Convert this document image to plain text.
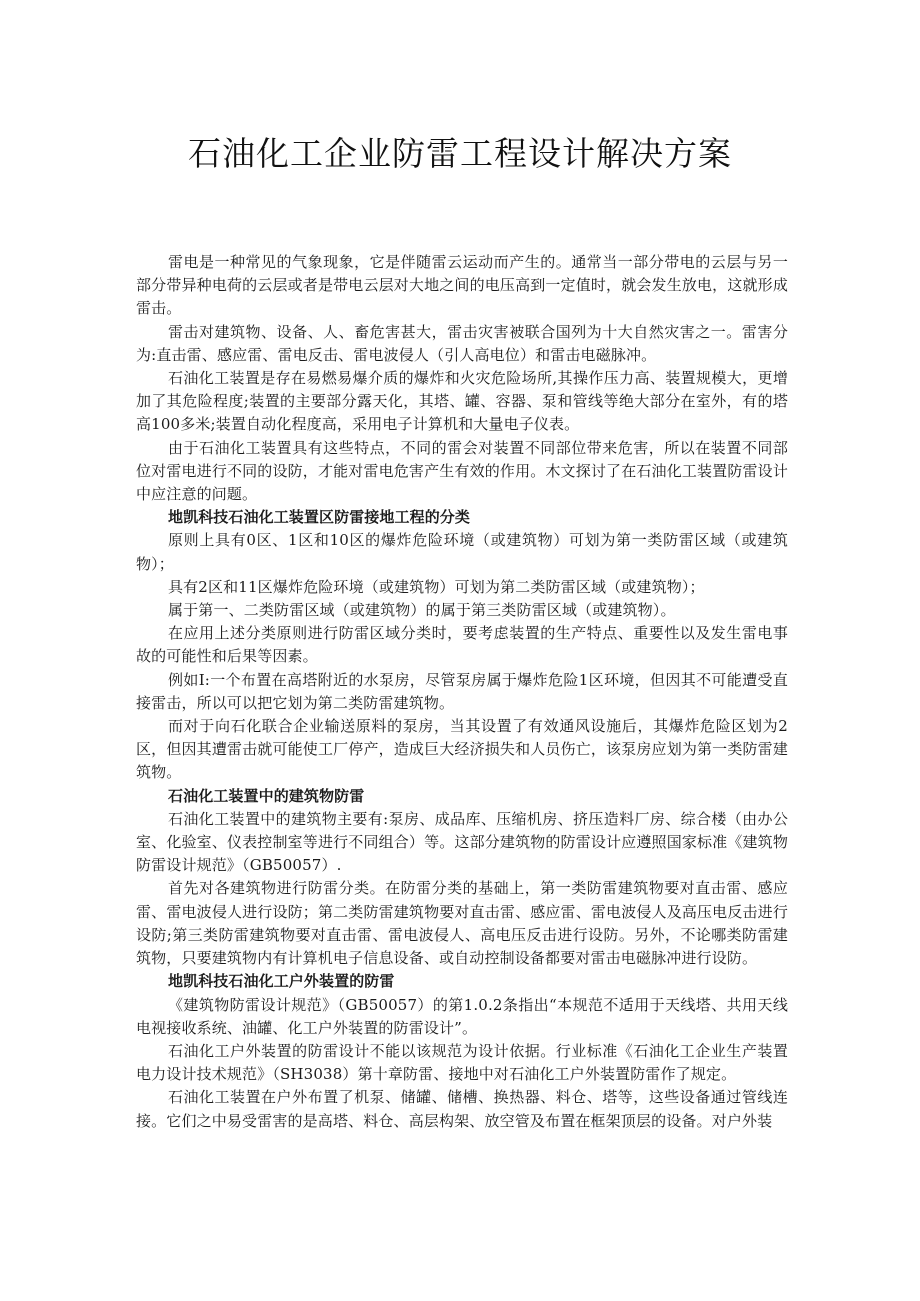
石油化工企业防雷工程设计解决方案

雷电是一种常见的气象现象，它是伴随雷云运动而产生的。通常当一部分带电的云层与另一部分带异种电荷的云层或者是带电云层对大地之间的电压高到一定值时，就会发生放电，这就形成雷击。

雷击对建筑物、设备、人、畜危害甚大，雷击灾害被联合国列为十大自然灾害之一。雷害分为:直击雷、感应雷、雷电反击、雷电波侵人（引人高电位）和雷击电磁脉冲。

石油化工装置是存在易燃易爆介质的爆炸和火灾危险场所,其操作压力高、装置规模大，更增加了其危险程度;装置的主要部分露天化，其塔、罐、容器、泵和管线等绝大部分在室外，有的塔高100多米;装置自动化程度高，采用电子计算机和大量电子仪表。

由于石油化工装置具有这些特点，不同的雷会对装置不同部位带来危害，所以在装置不同部位对雷电进行不同的设防，才能对雷电危害产生有效的作用。木文探讨了在石油化工装置防雷设计中应注意的问题。

地凯科技石油化工装置区防雷接地工程的分类

原则上具有0区、1区和10区的爆炸危险环境（或建筑物）可划为第一类防雷区域（或建筑物）；

具有2区和11区爆炸危险环境（或建筑物）可划为第二类防雷区域（或建筑物）；

属于第一、二类防雷区域（或建筑物）的属于第三类防雷区域（或建筑物）。

在应用上述分类原则进行防雷区域分类时，要考虑装置的生产特点、重要性以及发生雷电事故的可能性和后果等因素。

例如I:一个布置在高塔附近的水泵房，尽管泵房属于爆炸危险1区环境，但因其不可能遭受直接雷击，所以可以把它划为第二类防雷建筑物。

而对于向石化联合企业输送原料的泵房，当其设置了有效通风设施后，其爆炸危险区划为2区，但因其遭雷击就可能使工厂停产，造成巨大经济损失和人员伤亡，该泵房应划为第一类防雷建筑物。

石油化工装置中的建筑物防雷

石油化工装置中的建筑物主要有:泵房、成品库、压缩机房、挤压造料厂房、综合楼（由办公室、化验室、仪表控制室等进行不同组合）等。这部分建筑物的防雷设计应遵照国家标准《建筑物防雷设计规范》（GB50057）.

首先对各建筑物进行防雷分类。在防雷分类的基础上，第一类防雷建筑物要对直击雷、感应雷、雷电波侵人进行设防；第二类防雷建筑物要对直击雷、感应雷、雷电波侵人及高压电反击进行设防;第三类防雷建筑物要对直击雷、雷电波侵人、高电压反击进行设防。另外，不论哪类防雷建筑物，只要建筑物内有计算机电子信息设备、或自动控制设备都要对雷击电磁脉冲进行设防。

地凯科技石油化工户外装置的防雷

《建筑物防雷设计规范》（GB50057）的第1.0.2条指出“本规范不适用于天线塔、共用天线电视接收系统、油罐、化工户外装置的防雷设计”。

石油化工户外装置的防雷设计不能以该规范为设计依据。行业标准《石油化工企业生产装置电力设计技术规范》（SH3038）第十章防雷、接地中对石油化工户外装置防雷作了规定。

石油化工装置在户外布置了机泵、储罐、储槽、换热器、料仓、塔等，这些设备通过管线连接。它们之中易受雷害的是高塔、料仓、高层构架、放空管及布置在框架顶层的设备。对户外装
